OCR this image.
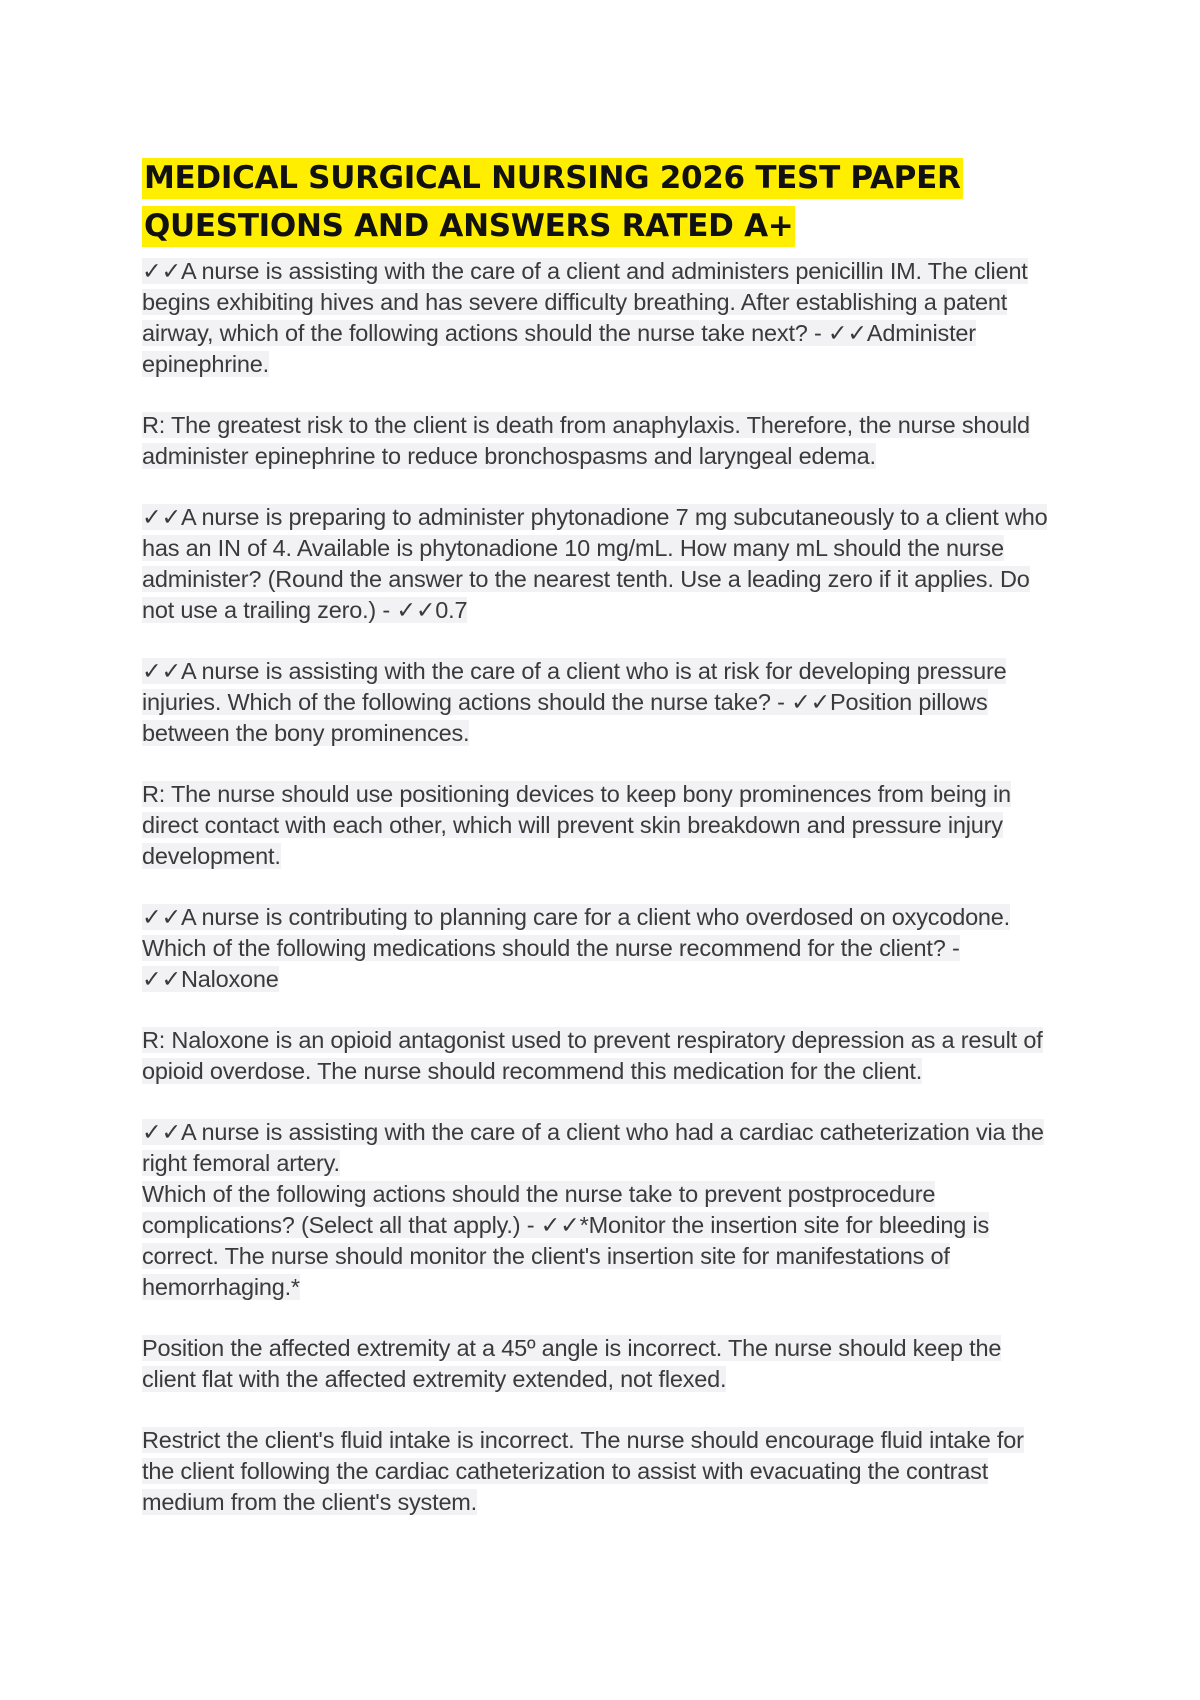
MEDICAL SURGICAL NURSING 2026 TEST PAPER
QUESTIONS AND ANSWERS RATED A+

✓✓A nurse is assisting with the care of a client and administers penicillin IM. The client begins exhibiting hives and has severe difficulty breathing. After establishing a patent airway, which of the following actions should the nurse take next? - ✓✓Administer epinephrine.

R: The greatest risk to the client is death from anaphylaxis. Therefore, the nurse should administer epinephrine to reduce bronchospasms and laryngeal edema.

✓✓A nurse is preparing to administer phytonadione 7 mg subcutaneously to a client who has an IN of 4. Available is phytonadione 10 mg/mL. How many mL should the nurse administer? (Round the answer to the nearest tenth. Use a leading zero if it applies. Do not use a trailing zero.) - ✓✓0.7

✓✓A nurse is assisting with the care of a client who is at risk for developing pressure injuries. Which of the following actions should the nurse take? - ✓✓Position pillows between the bony prominences.

R: The nurse should use positioning devices to keep bony prominences from being in direct contact with each other, which will prevent skin breakdown and pressure injury development.

✓✓A nurse is contributing to planning care for a client who overdosed on oxycodone. Which of the following medications should the nurse recommend for the client? - ✓✓Naloxone

R: Naloxone is an opioid antagonist used to prevent respiratory depression as a result of opioid overdose. The nurse should recommend this medication for the client.

✓✓A nurse is assisting with the care of a client who had a cardiac catheterization via the right femoral artery.

Which of the following actions should the nurse take to prevent postprocedure complications? (Select all that apply.) - ✓✓*Monitor the insertion site for bleeding is correct. The nurse should monitor the client's insertion site for manifestations of hemorrhaging.*

Position the affected extremity at a 45º angle is incorrect. The nurse should keep the client flat with the affected extremity extended, not flexed.

Restrict the client's fluid intake is incorrect. The nurse should encourage fluid intake for the client following the cardiac catheterization to assist with evacuating the contrast medium from the client's system.
